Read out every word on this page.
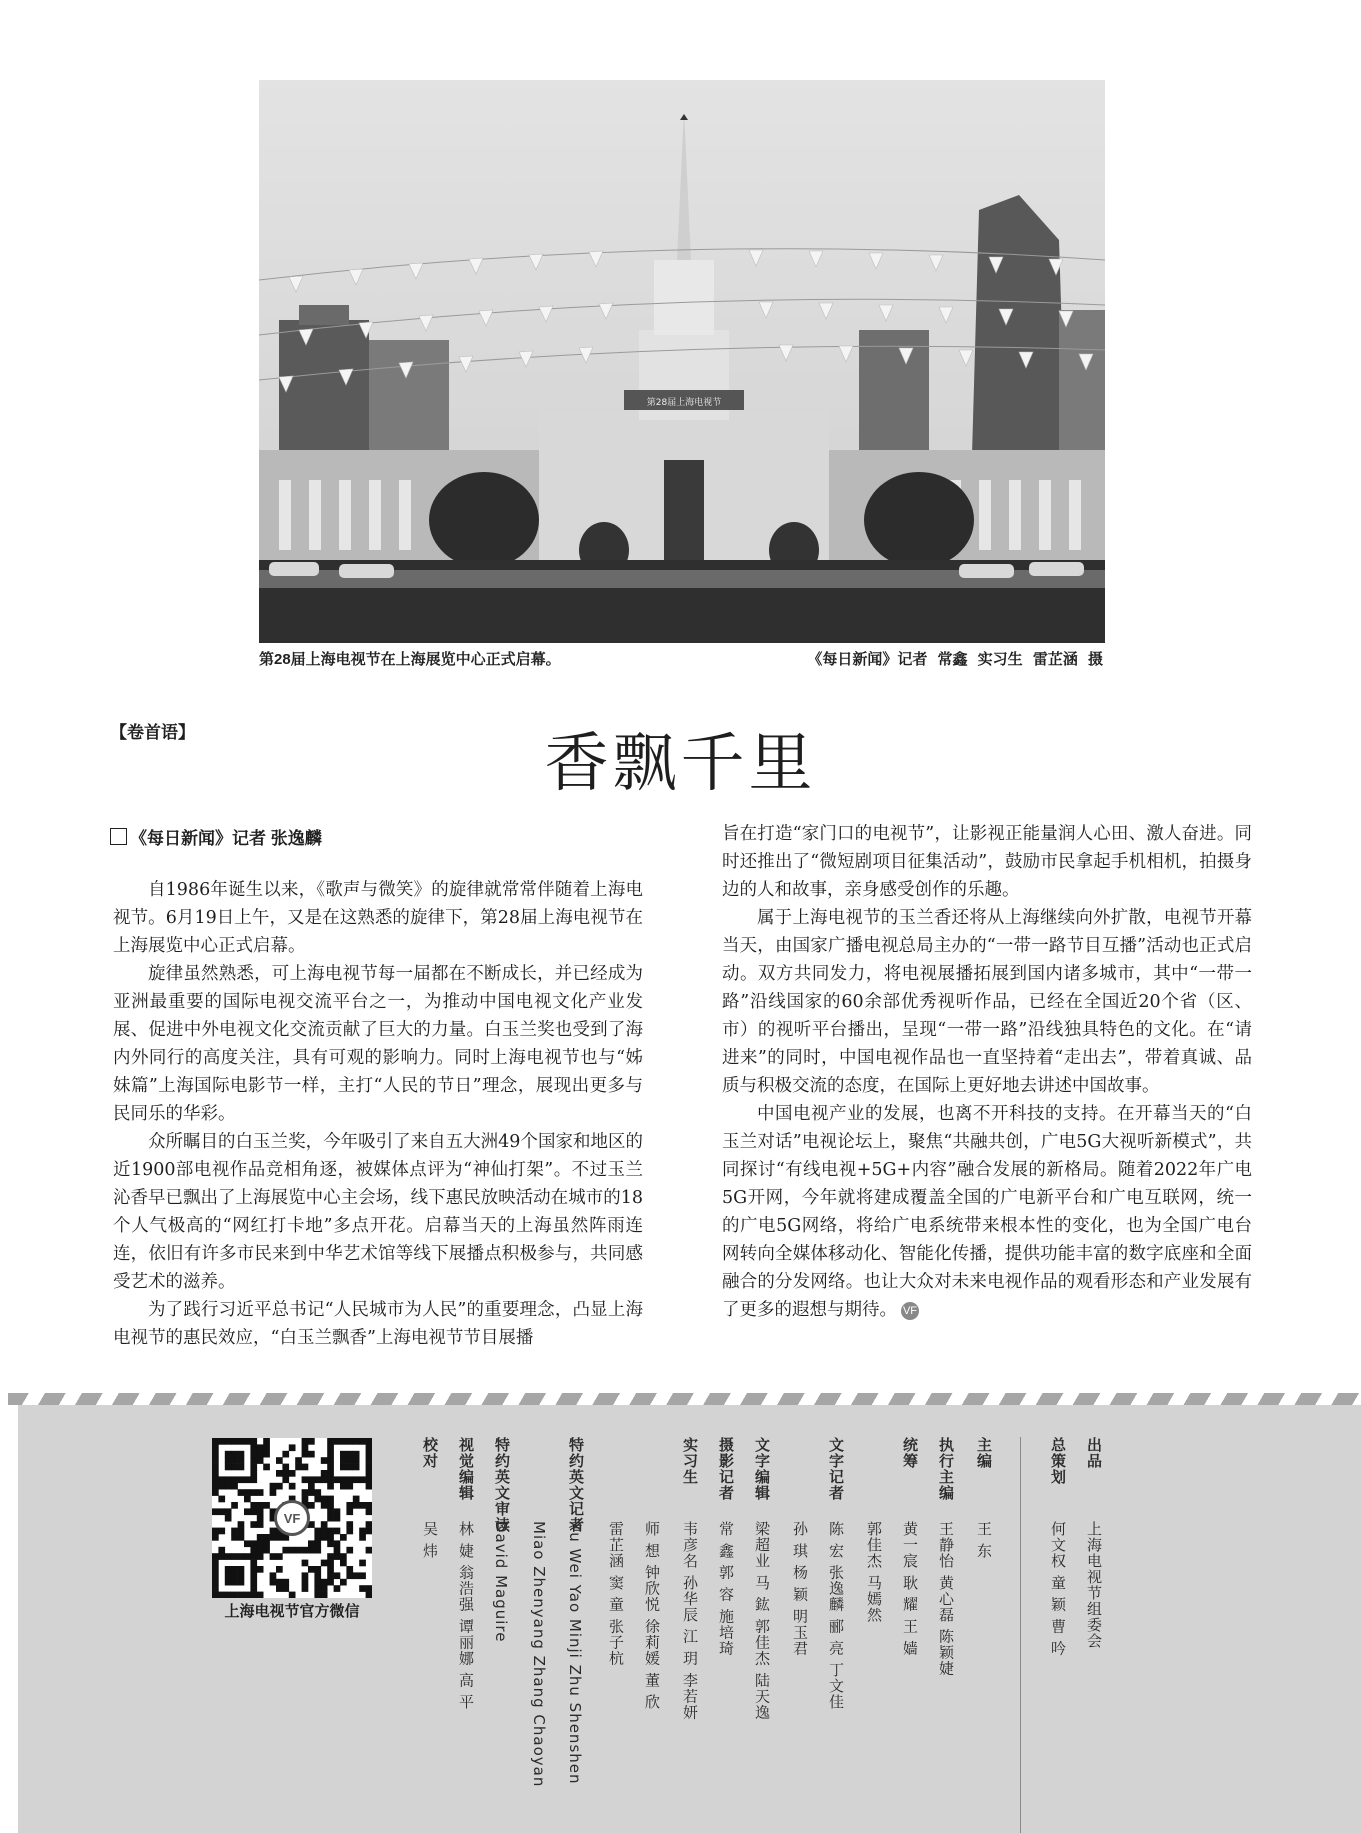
第28届上海电视节
第28届上海电视节在上海展览中心正式启幕。	《每日新闻》记者 常鑫 实习生 雷芷涵 摄
【卷首语】	香飘千里
《每日新闻》记者 张逸麟

自1986年诞生以来，《歌声与微笑》的旋律就常常伴随着上海电视节。6月19日上午，又是在这熟悉的旋律下，第28届上海电视节在上海展览中心正式启幕。

旋律虽然熟悉，可上海电视节每一届都在不断成长，并已经成为亚洲最重要的国际电视交流平台之一，为推动中国电视文化产业发展、促进中外电视文化交流贡献了巨大的力量。白玉兰奖也受到了海内外同行的高度关注，具有可观的影响力。同时上海电视节也与“姊妹篇”上海国际电影节一样，主打“人民的节日”理念，展现出更多与民同乐的华彩。

众所瞩目的白玉兰奖，今年吸引了来自五大洲49个国家和地区的近1900部电视作品竞相角逐，被媒体点评为“神仙打架”。不过玉兰沁香早已飘出了上海展览中心主会场，线下惠民放映活动在城市的18个人气极高的“网红打卡地”多点开花。启幕当天的上海虽然阵雨连连，依旧有许多市民来到中华艺术馆等线下展播点积极参与，共同感受艺术的滋养。

为了践行习近平总书记“人民城市为人民”的重要理念，凸显上海电视节的惠民效应，“白玉兰飘香”上海电视节节目展播

旨在打造“家门口的电视节”，让影视正能量润人心田、激人奋进。同时还推出了“微短剧项目征集活动”，鼓励市民拿起手机相机，拍摄身边的人和故事，亲身感受创作的乐趣。

属于上海电视节的玉兰香还将从上海继续向外扩散，电视节开幕当天，由国家广播电视总局主办的“一带一路节目互播”活动也正式启动。双方共同发力，将电视展播拓展到国内诸多城市，其中“一带一路”沿线国家的60余部优秀视听作品，已经在全国近20个省（区、市）的视听平台播出，呈现“一带一路”沿线独具特色的文化。在“请进来”的同时，中国电视作品也一直坚持着“走出去”，带着真诚、品质与积极交流的态度，在国际上更好地去讲述中国故事。

中国电视产业的发展，也离不开科技的支持。在开幕当天的“白玉兰对话”电视论坛上，聚焦“共融共创，广电5G大视听新模式”，共同探讨“有线电视+5G+内容”融合发展的新格局。随着2022年广电5G开网，今年就将建成覆盖全国的广电新平台和广电互联网，统一的广电5G网络，将给广电系统带来根本性的变化，也为全国广电台网转向全媒体移动化、智能化传播，提供功能丰富的数字底座和全面融合的分发网络。也让大众对未来电视作品的观看形态和产业发展有了更多的遐想与期待。 VF

VF
上海电视节官方微信
校对
吴 炜
视觉编辑
林 婕 翁浩强 谭丽娜 高 平
特约英文审读
David Maguire Miao Zhenyang Zhang Chaoyan
特约英文记者
Xu Wei Yao Minji Zhu Shenshen 雷芷涵 窦 童 张子杭 师 想 钟欣悦 徐莉媛 董 欣
实习生
韦彦名 孙华辰 江 玥 李若妍
摄影记者
常 鑫 郭 容 施培琦
文字编辑
梁超业 马 鈜 郭佳杰 陆天逸 孙 琪 杨 颖 明玉君
文字记者
陈 宏 张逸麟 郦 亮 丁文佳 郭佳杰 马嫣然
统筹
黄一宸 耿 耀 王 嫱
执行主编
王静怡 黄心磊 陈颖婕
主编
王 东
总策划
何文权 童 颖 曹 吟
出品
上海电视节组委会
